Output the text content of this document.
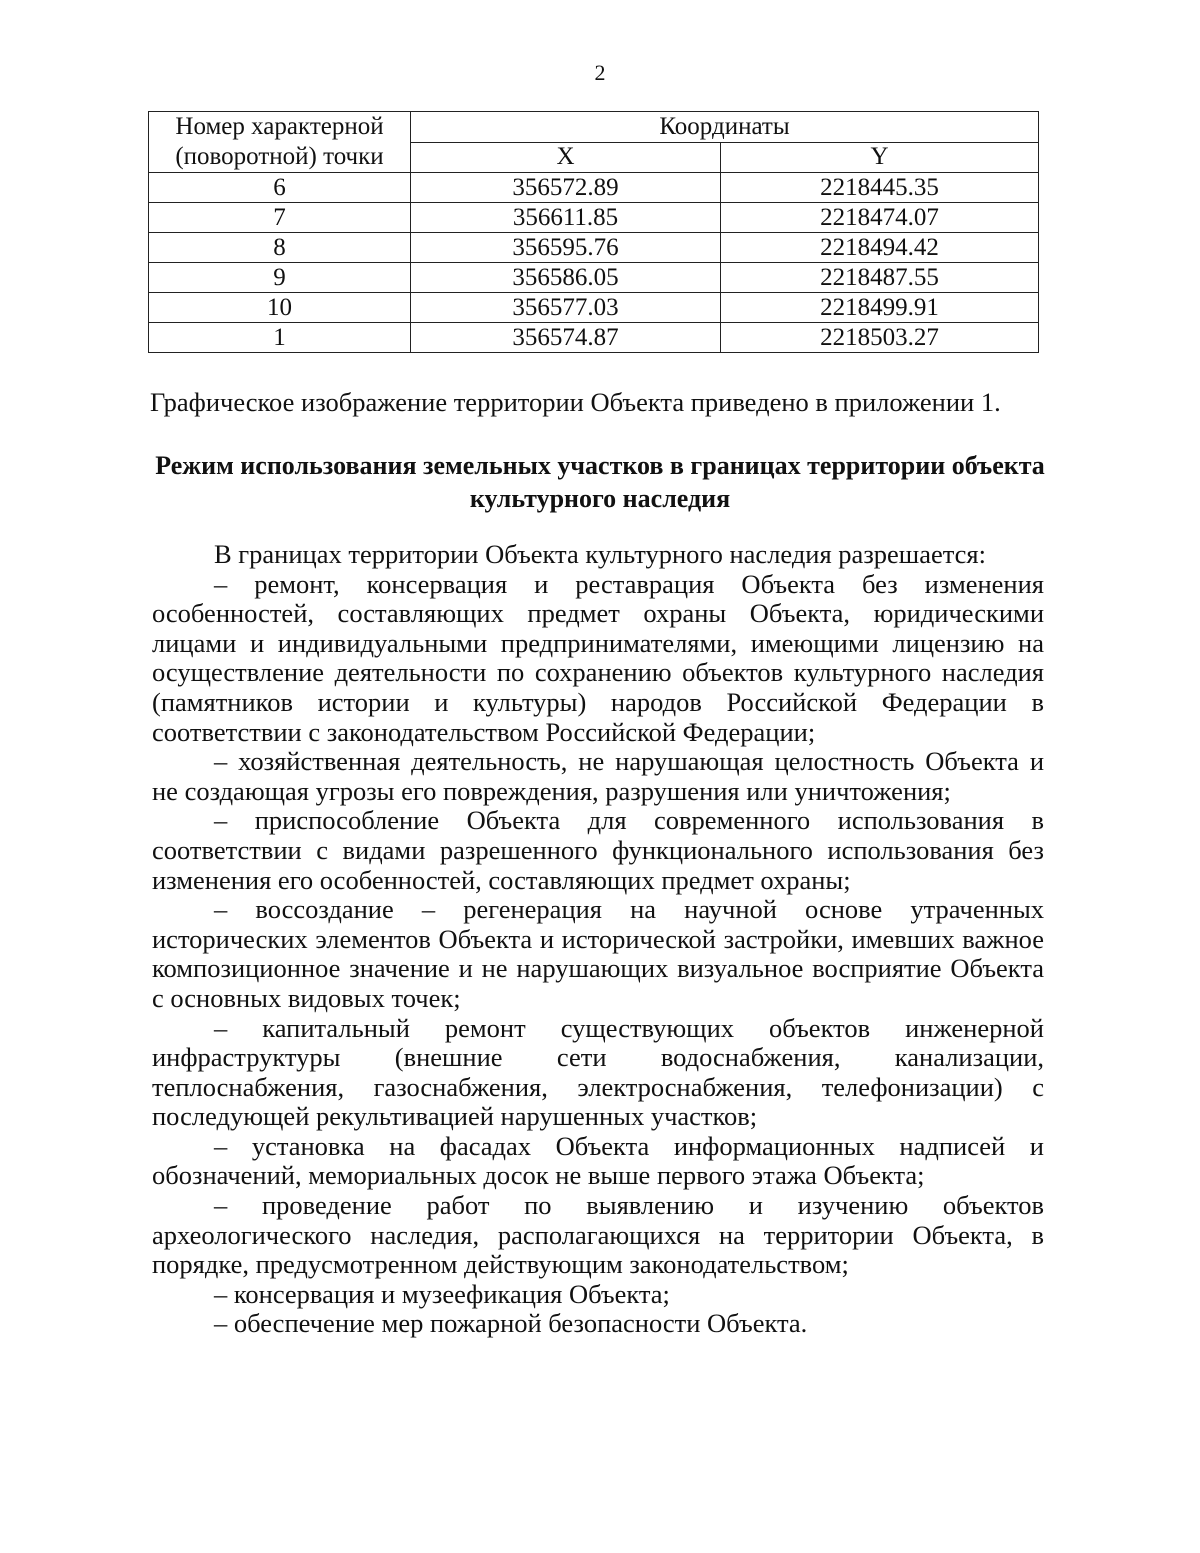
2
Номер характерной (поворотной) точки	Координаты	
	X	Y
6	356572.89	2218445.35
7	356611.85	2218474.07
8	356595.76	2218494.42
9	356586.05	2218487.55
10	356577.03	2218499.91
1	356574.87	2218503.27
Графическое изображение территории Объекта приведено в приложении 1.
Режим использования земельных участков в границах территории объекта культурного наследия

В границах территории Объекта культурного наследия разрешается:

– ремонт, консервация и реставрация Объекта без изменения особенностей, составляющих предмет охраны Объекта, юридическими лицами и индивидуальными предпринимателями, имеющими лицензию на осуществление деятельности по сохранению объектов культурного наследия (памятников истории и культуры) народов Российской Федерации в соответствии с законодательством Российской Федерации;

– хозяйственная деятельность, не нарушающая целостность Объекта и не создающая угрозы его повреждения, разрушения или уничтожения;

– приспособление Объекта для современного использования в соответствии с видами разрешенного функционального использования без изменения его особенностей, составляющих предмет охраны;

– воссоздание – регенерация на научной основе утраченных исторических элементов Объекта и исторической застройки, имевших важное композиционное значение и не нарушающих визуальное восприятие Объекта с основных видовых точек;

– капитальный ремонт существующих объектов инженерной инфраструктуры (внешние сети водоснабжения, канализации, теплоснабжения, газоснабжения, электроснабжения, телефонизации) с последующей рекультивацией нарушенных участков;

– установка на фасадах Объекта информационных надписей и обозначений, мемориальных досок не выше первого этажа Объекта;

– проведение работ по выявлению и изучению объектов археологического наследия, располагающихся на территории Объекта, в порядке, предусмотренном действующим законодательством;

– консервация и музеефикация Объекта;

– обеспечение мер пожарной безопасности Объекта.
